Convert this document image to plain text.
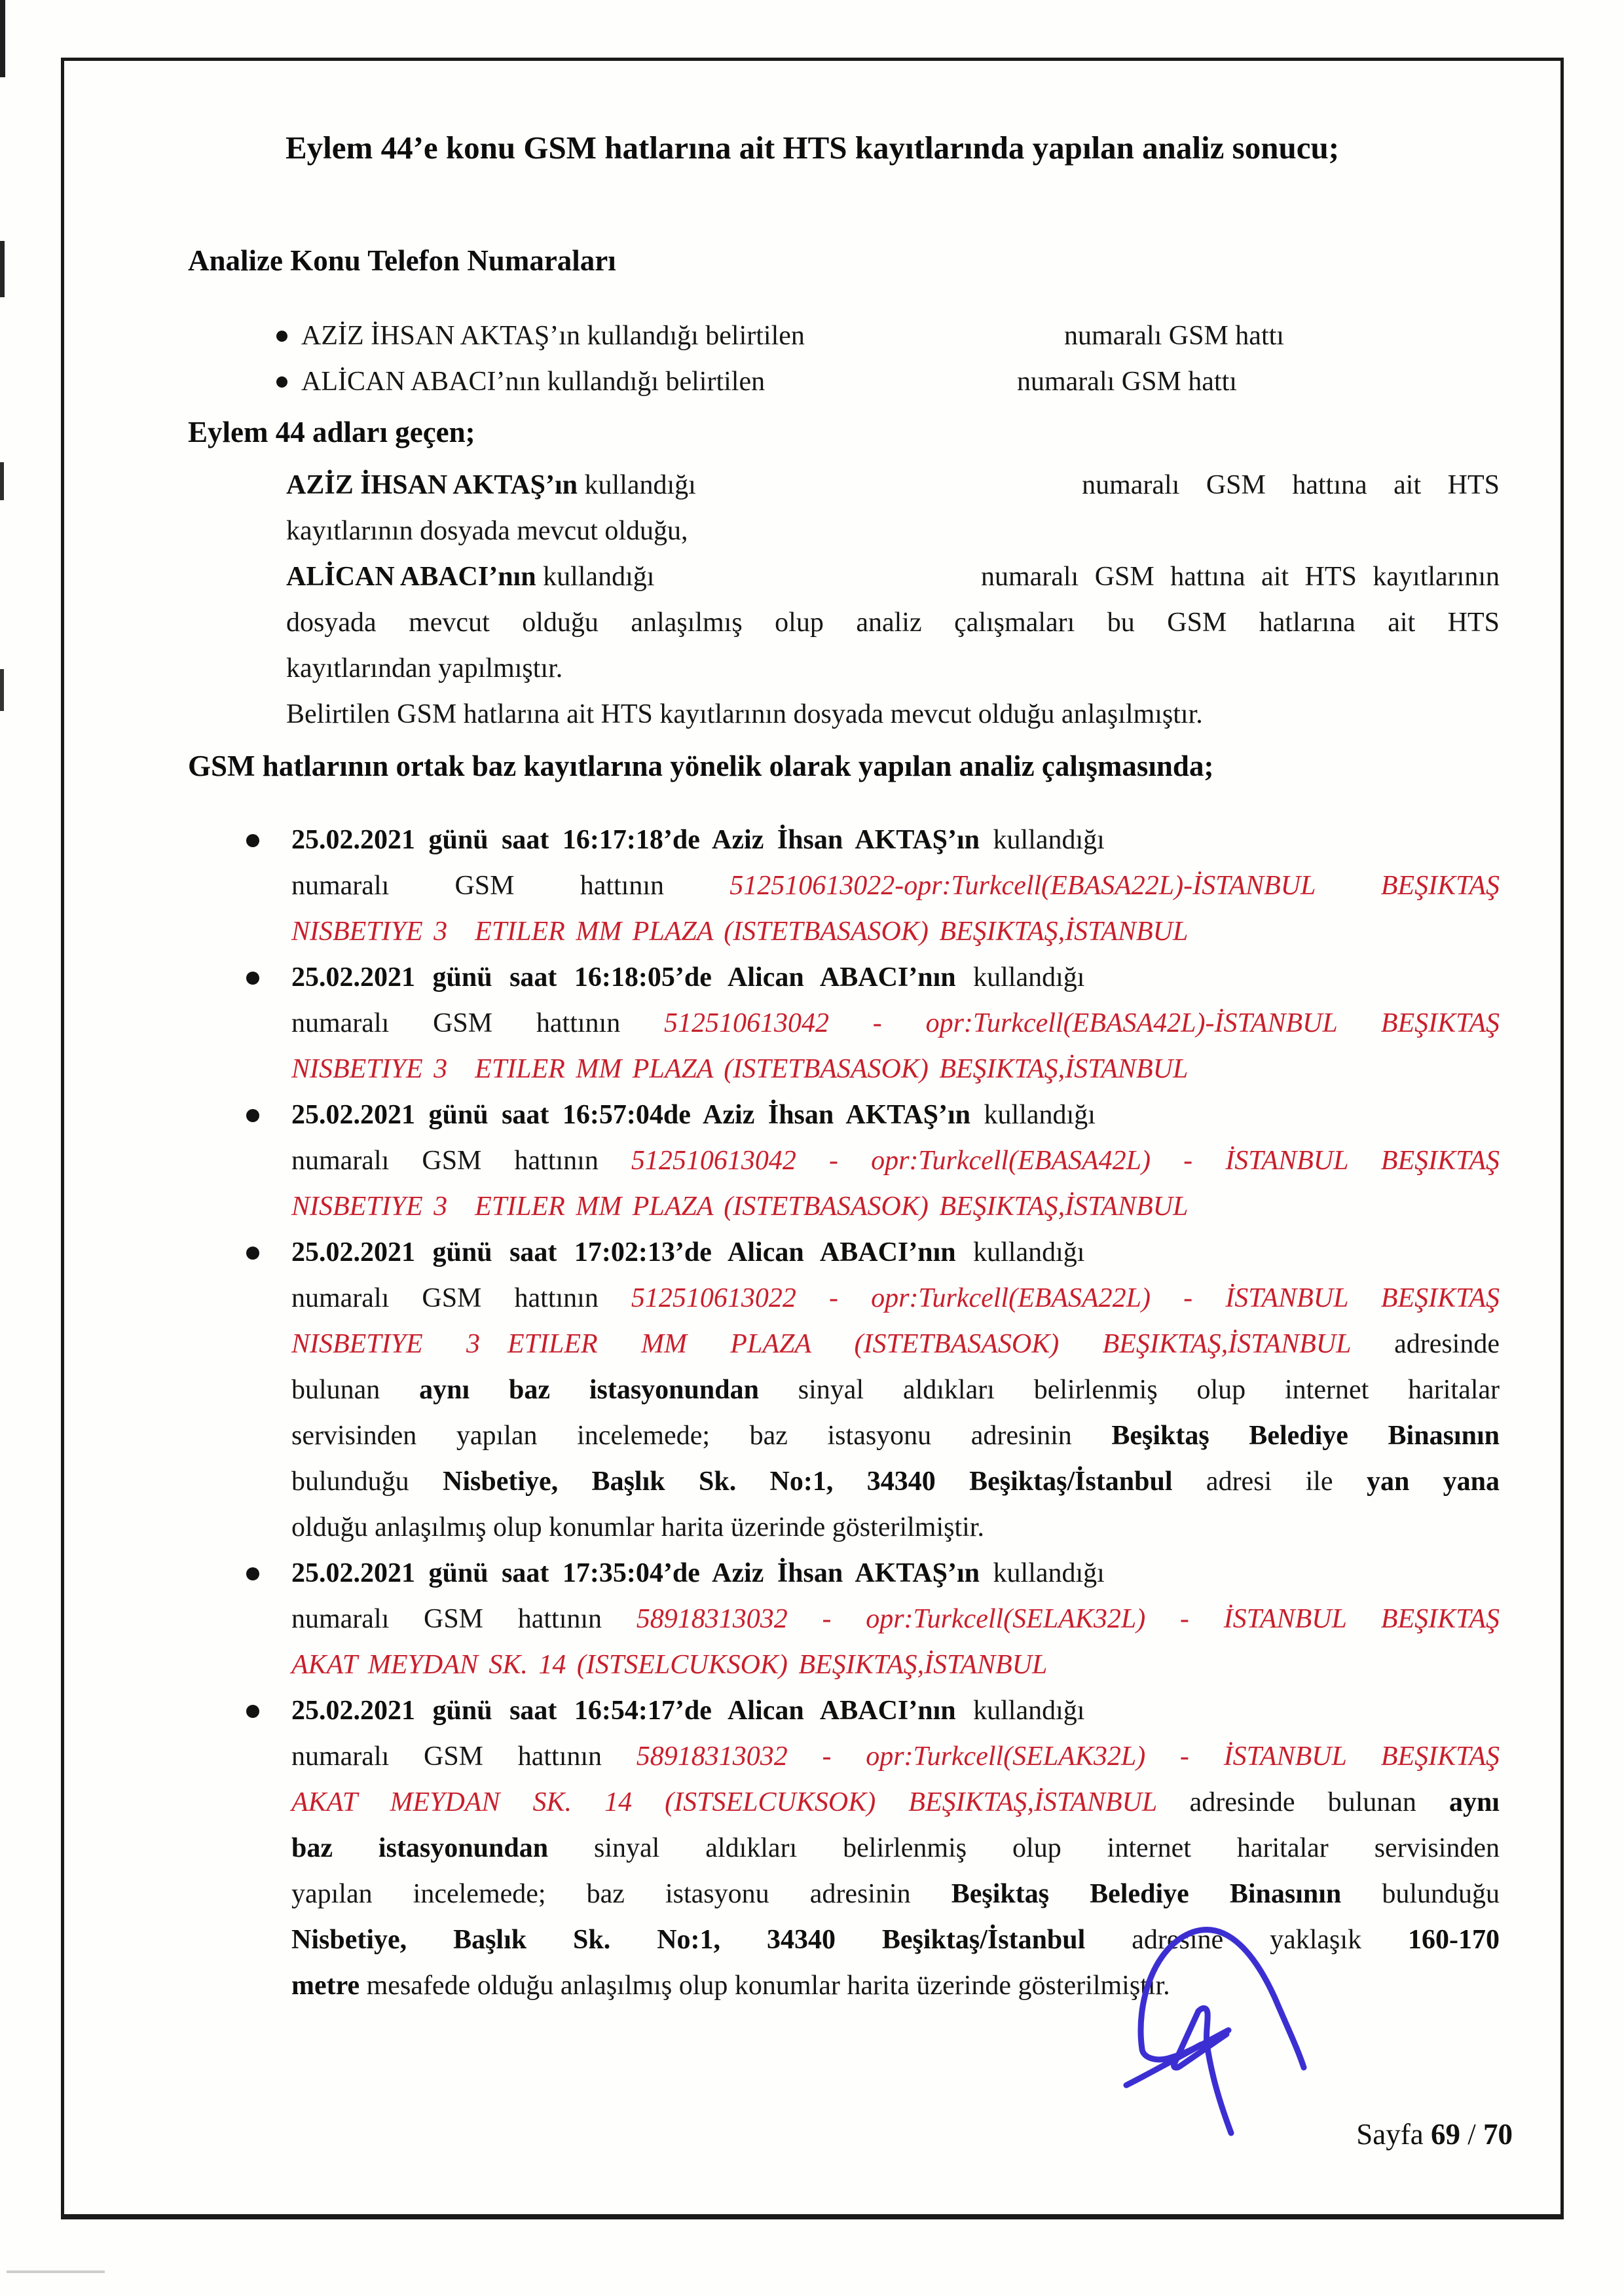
Eylem 44’e konu GSM hatlarına ait HTS kayıtlarında yapılan analiz sonucu;
Analize Konu Telefon Numaraları
AZİZ İHSAN AKTAŞ’ın kullandığı belirtilen	numaralı GSM hattı
ALİCAN ABACI’nın kullandığı belirtilen	numaralı GSM hattı
Eylem 44 adları geçen;
AZİZ İHSAN AKTAŞ’ın kullandığı	numaralı GSM hattına ait HTS
kayıtlarının dosyada mevcut olduğu,
ALİCAN ABACI’nın kullandığı	numaralı GSM hattına ait HTS kayıtlarının
dosyada mevcut olduğu anlaşılmış olup analiz çalışmaları bu GSM hatlarına ait HTS
kayıtlarından yapılmıştır.
Belirtilen GSM hatlarına ait HTS kayıtlarının dosyada mevcut olduğu anlaşılmıştır.
GSM hatlarının ortak baz kayıtlarına yönelik olarak yapılan analiz çalışmasında;
25.02.2021 günü saat 16:17:18’de Aziz İhsan AKTAŞ’ın kullandığı
numaralı GSM hattının 512510613022-opr:Turkcell(EBASA22L)-İSTANBUL BEŞIKTAŞ
NISBETIYE 3  ETILER MM PLAZA (ISTETBASASOK) BEŞIKTAŞ,İSTANBUL
25.02.2021 günü saat 16:18:05’de Alican ABACI’nın kullandığı
numaralı GSM hattının 512510613042 - opr:Turkcell(EBASA42L)-İSTANBUL BEŞIKTAŞ
NISBETIYE 3  ETILER MM PLAZA (ISTETBASASOK) BEŞIKTAŞ,İSTANBUL
25.02.2021 günü saat 16:57:04de Aziz İhsan AKTAŞ’ın kullandığı
numaralı GSM hattının 512510613042 - opr:Turkcell(EBASA42L) - İSTANBUL BEŞIKTAŞ
NISBETIYE 3  ETILER MM PLAZA (ISTETBASASOK) BEŞIKTAŞ,İSTANBUL
25.02.2021 günü saat 17:02:13’de Alican ABACI’nın kullandığı
numaralı GSM hattının 512510613022 - opr:Turkcell(EBASA22L) - İSTANBUL BEŞIKTAŞ
NISBETIYE 3  ETILER MM PLAZA (ISTETBASASOK) BEŞIKTAŞ,İSTANBUL adresinde
bulunan aynı baz istasyonundan sinyal aldıkları belirlenmiş olup internet haritalar
servisinden yapılan incelemede; baz istasyonu adresinin Beşiktaş Belediye Binasının
bulunduğu Nisbetiye, Başlık Sk. No:1, 34340 Beşiktaş/İstanbul adresi ile yan yana
olduğu anlaşılmış olup konumlar harita üzerinde gösterilmiştir.
25.02.2021 günü saat 17:35:04’de Aziz İhsan AKTAŞ’ın kullandığı
numaralı GSM hattının 58918313032 - opr:Turkcell(SELAK32L) - İSTANBUL BEŞIKTAŞ
AKAT MEYDAN SK. 14 (ISTSELCUKSOK) BEŞIKTAŞ,İSTANBUL
25.02.2021 günü saat 16:54:17’de Alican ABACI’nın kullandığı
numaralı GSM hattının 58918313032 - opr:Turkcell(SELAK32L) - İSTANBUL BEŞIKTAŞ
AKAT MEYDAN SK. 14 (ISTSELCUKSOK) BEŞIKTAŞ,İSTANBUL adresinde bulunan aynı
baz istasyonundan sinyal aldıkları belirlenmiş olup internet haritalar servisinden
yapılan incelemede; baz istasyonu adresinin Beşiktaş Belediye Binasının bulunduğu
Nisbetiye, Başlık Sk. No:1, 34340 Beşiktaş/İstanbul adresine yaklaşık 160-170
metre mesafede olduğu anlaşılmış olup konumlar harita üzerinde gösterilmiştir.
Sayfa 69 / 70
